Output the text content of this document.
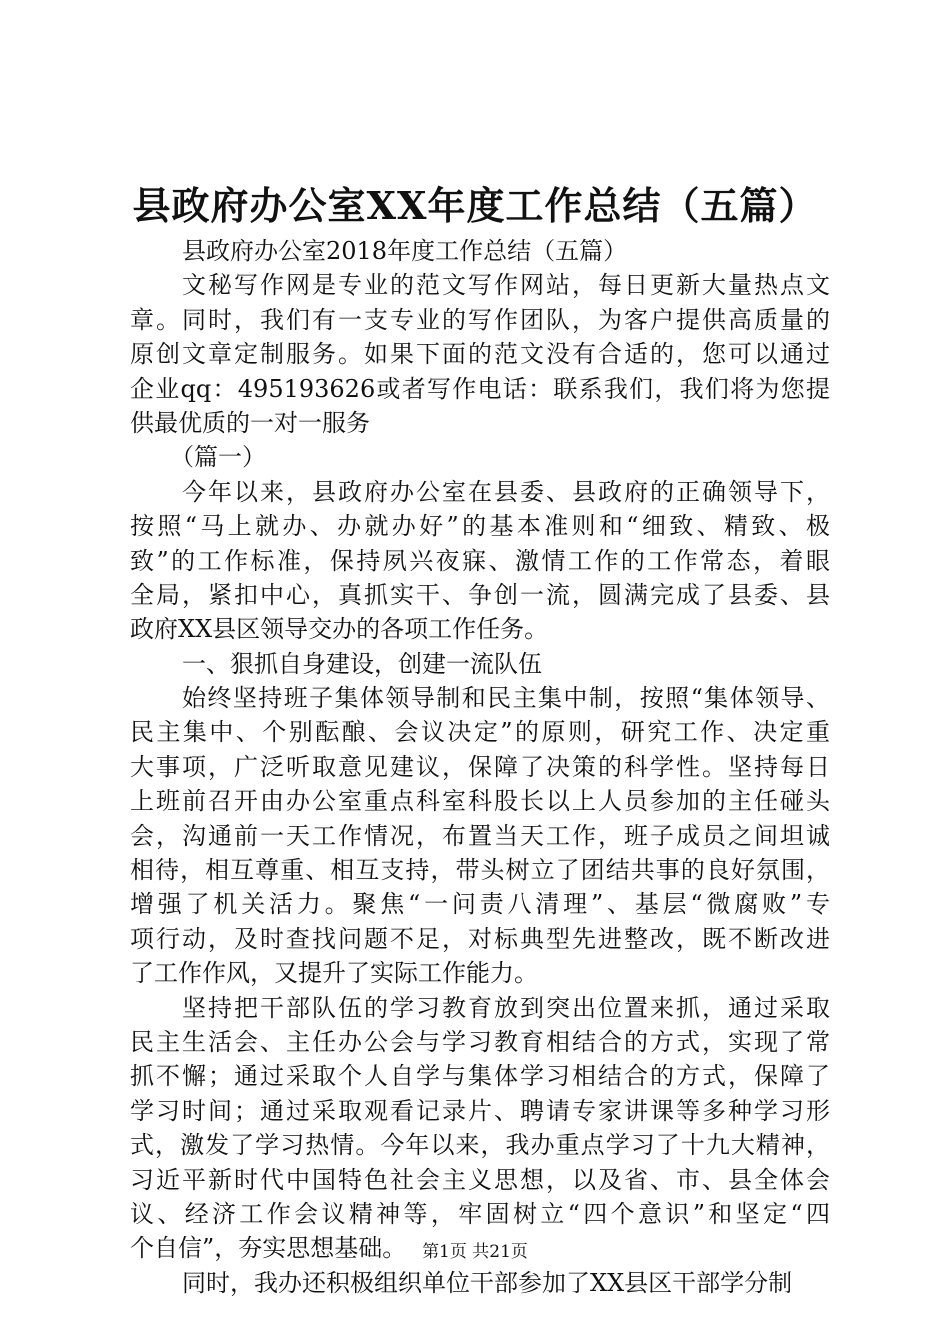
县政府办公室XX年度工作总结（五篇）
县政府办公室2018年度工作总结（五篇）
文秘写作网是专业的范文写作网站，每日更新大量热点文
章。同时，我们有一支专业的写作团队，为客户提供高质量的
原创文章定制服务。如果下面的范文没有合适的，您可以通过
企业qq：495193626或者写作电话：联系我们，我们将为您提
供最优质的一对一服务
（篇一）
今年以来，县政府办公室在县委、县政府的正确领导下，
按照“马上就办、办就办好”的基本准则和“细致、精致、极
致”的工作标准，保持夙兴夜寐、激情工作的工作常态，着眼
全局，紧扣中心，真抓实干、争创一流，圆满完成了县委、县
政府XX县区领导交办的各项工作任务。
一、狠抓自身建设，创建一流队伍
始终坚持班子集体领导制和民主集中制，按照“集体领导、
民主集中、个别酝酿、会议决定”的原则，研究工作、决定重
大事项，广泛听取意见建议，保障了决策的科学性。坚持每日
上班前召开由办公室重点科室科股长以上人员参加的主任碰头
会，沟通前一天工作情况，布置当天工作，班子成员之间坦诚
相待，相互尊重、相互支持，带头树立了团结共事的良好氛围，
增强了机关活力。聚焦“一问责八清理”、基层“微腐败”专
项行动，及时查找问题不足，对标典型先进整改，既不断改进
了工作作风，又提升了实际工作能力。
坚持把干部队伍的学习教育放到突出位置来抓，通过采取
民主生活会、主任办公会与学习教育相结合的方式，实现了常
抓不懈；通过采取个人自学与集体学习相结合的方式，保障了
学习时间；通过采取观看记录片、聘请专家讲课等多种学习形
式，激发了学习热情。今年以来，我办重点学习了十九大精神，
习近平新时代中国特色社会主义思想，以及省、市、县全体会
议、经济工作会议精神等，牢固树立“四个意识”和坚定“四
个自信”，夯实思想基础。
同时，我办还积极组织单位干部参加了XX县区干部学分制
第1页 共21页
